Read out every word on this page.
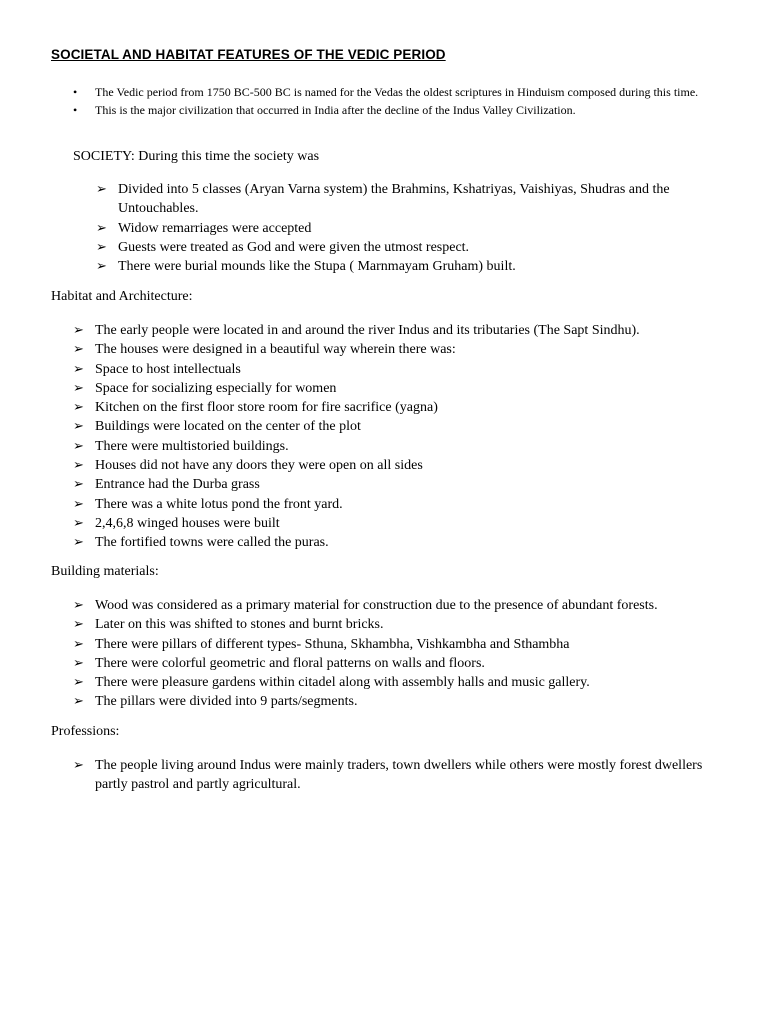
SOCIETAL AND HABITAT FEATURES OF THE VEDIC PERIOD
• The Vedic period from 1750 BC-500 BC is named for the Vedas the oldest scriptures in Hinduism composed during this time.
• This is the major civilization that occurred in India after the decline of the Indus Valley Civilization.

SOCIETY: During this time the society was

➢ Divided into 5 classes (Aryan Varna system) the Brahmins, Kshatriyas, Vaishiyas, Shudras and the Untouchables.
➢ Widow remarriages were accepted
➢ Guests were treated as God and were given the utmost respect.
➢ There were burial mounds like the Stupa ( Marnmayam Gruham) built.

Habitat and Architecture:

➢ The early people were located in and around the river Indus and its tributaries (The Sapt Sindhu).
➢ The houses were designed in a beautiful way wherein there was:
➢ Space to host intellectuals
➢ Space for socializing especially for women
➢ Kitchen on the first floor store room for fire sacrifice (yagna)
➢ Buildings were located on the center of the plot
➢ There were multistoried buildings.
➢ Houses did not have any doors they were open on all sides
➢ Entrance had the Durba grass
➢ There was a white lotus pond the front yard.
➢ 2,4,6,8 winged houses were built
➢ The fortified towns were called the puras.

Building materials:

➢ Wood was considered as a primary material for construction due to the presence of abundant forests.
➢ Later on this was shifted to stones and burnt bricks.
➢ There were pillars of different types- Sthuna, Skhambha, Vishkambha and Sthambha
➢ There were colorful geometric and floral patterns on walls and floors.
➢ There were pleasure gardens within citadel along with assembly halls and music gallery.
➢ The pillars were divided into 9 parts/segments.

Professions:

➢ The people living around Indus were mainly traders, town dwellers while others were mostly forest dwellers partly pastrol and partly agricultural.
